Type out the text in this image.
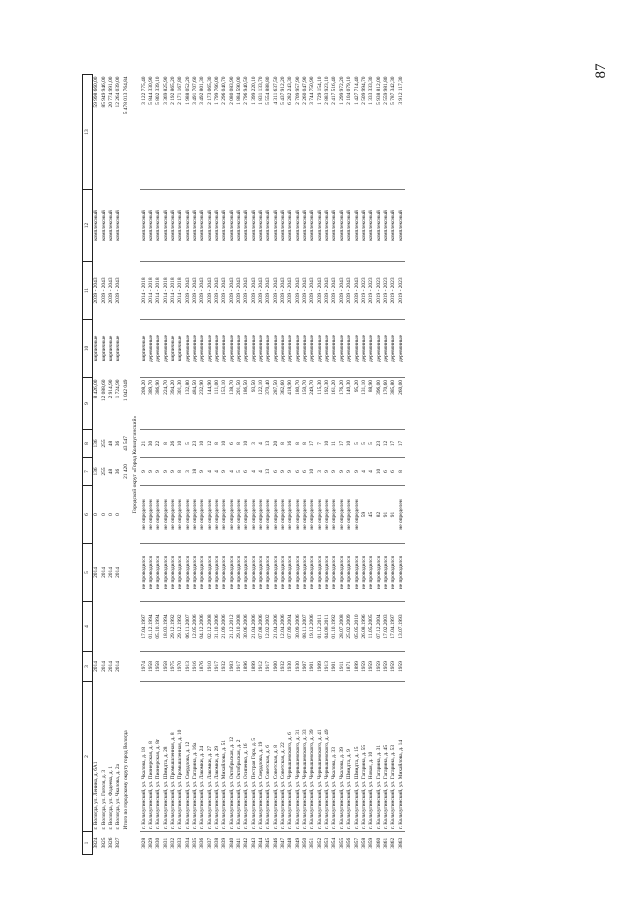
87
1	2	3	4	5	6	7	8	9	10	11	12	13
3824	г. Вологда, ул. Ленина, д. 6А1	2014		2014	0	136	136	8 426,00	кирпичные	2039 - 2043	комплексный	59 998 660,00
3825	г. Вологда, ул. Гоголя, д. 3	2014		2014	0	255	255	12 088,60	кирпичные	2039 - 2043	комплексный	85 949 946,00
3826	г. Вологда, ул. Фадеева, д. 1	2014		2014	0	48	48	2 914,90	кирпичные	2039 - 2043	комплексный	20 774 991,00
3827	г. Вологда, ул. Чкалова, д. 2а	2014		2014	0	36	36	1 724,90	кирпичные	2039 - 2043	комплексный	12 264 039,00
	Итого по городскому округу город Вологда					21 420	43 547	1 042 049				5 478 013 764,84
Городской округ «Город Кольчугинский»												
3828	г. Кольчугинский, ул. Чкалова, д. 18	1974	17.04.1997	не проводился	не определен	9	21	208,20	кирпичные	2014 - 2018	комплексный	3 122 775,40
3829	г. Кольчугинский, ул. Пионерская, д. 8	1958	01.12.1994	не проводился	не определен	9	30	389,70	деревянные	2014 - 2018	комплексный	5 844 330,90
3830	г. Кольчугинский, ул. Пионерская, д. 8г	1958	05.10.1994	не проводился	не определен	9	22	386,90	деревянные	2014 - 2018	комплексный	5 802 339,10
3831	г. Кольчугинский, ул. Шмидта, д. 28	1958	18.03.1994	не проводился	не определен	9	8	224,70	деревянные	2014 - 2018	комплексный	3 369 825,90
3832	г. Кольчугинский, ул. Промышленная, д. 8	1975	29.12.1992	не проводился	не определен	9	26	394,20	кирпичные	2014 - 2018	комплексный	2 192 865,20
3833	г. Кольчугинский, ул. Промышленная, д. 10	1970	29.12.1992	не проводился	не определен	8	10	301,30	кирпичные	2014 - 2018	комплексный	2 171 167,80
3834	г. Кольчугинский, ул. Свердлова, д. 12	1913	06.11.2007	не проводился	не определен	3	5	132,80	деревянные	2039 - 2043	комплексный	1 988 052,20
3835	г. Кольчугинский, ул. Гагарина, д. 16а	1916	12.05.2006	не проводился	не определен	18	23	484,50	деревянные	2039 - 2043	комплексный	3 491 707,60
3836	г. Кольчугинский, ул. Лакомки, д. 24	1876	04.12.2006	не проводился	не определен	9	10	232,90	деревянные	2039 - 2043	комплексный	3 492 801,30
3837	г. Кольчугинский, ул. Лакомки, д. 27	1910	02.12.2008	не проводился	не определен	4	12	144,90	деревянные	2039 - 2043	комплексный	2 173 065,30
3838	г. Кольчугинский, ул. Лакомки, д. 29	1917	31.10.2006	не проводился	не определен	4	8	111,00	деревянные	2039 - 2043	комплексный	1 799 766,00
3839	г. Кольчугинский, ул. Михайлова, д. 51	1932	21.09.2006	не проводился	не определен	9	10	153,10	деревянные	2039 - 2043	комплексный	2 296 040,70
3840	г. Кольчугинский, ул. Октябрьская, д. 12	1903	21.12.2012	не проводился	не определен	4	6	138,70	деревянные	2039 - 2043	комплексный	2 080 083,90
3841	г. Кольчугинский, ул. Октябрьская, д. 2	1917	29.10.2008	не проводился	не определен	5	8	201,50	деревянные	2039 - 2043	комплексный	1 884 590,00
3842	г. Кольчугинский, ул. Осипенко, д. 16	1896	30.06.2006	не проводился	не определен	6	10	186,50	деревянные	2039 - 2043	комплексный	2 796 940,50
3843	г. Кольчугинский, ул. Пестрая Гора, д. 5	1899	21.04.2006	не проводился	не определен	4	3	93,50	деревянные	2039 - 2043	комплексный	1 399 220,10
3844	г. Кольчугинский, ул. Свердлова, д. 19	1912	07.08.2006	не проводился	не определен	4	4	122,10	деревянные	2039 - 2043	комплексный	1 831 133,70
3845	г. Кольчугинский, ул. Советская, д. 6	1917	12.02.2002	не проводился	не определен	13	13	370,40	деревянные	2039 - 2043	комплексный	5 554 888,80
3846	г. Кольчугинский, ул. Советская, д. 8	1900	21.04.2006	не проводился	не определен	6	20	287,50	деревянные	2039 - 2043	комплексный	4 311 637,50
3847	г. Кольчугинский, ул. Советская, д. 22	1932	12.04.2006	не проводился	не определен	9	8	362,60	деревянные	2039 - 2043	комплексный	5 437 912,20
3848	г. Кольчугинский, ул. Чернышевского, д. 6	1930	07.09.2004	не проводился	не определен	9	16	418,90	деревянные	2039 - 2043	комплексный	6 282 243,30
3849	г. Кольчугинский, ул. Чернышевского, д. 31	1930	30.09.2006	не проводился	не определен	6	8	180,70	деревянные	2039 - 2043	комплексный	2 709 957,90
3850	г. Кольчугинский, ул. Чернышевского, д. 33	1907	08.11.2007	не проводился	не определен	6	8	150,70	деревянные	2039 - 2043	комплексный	2 260 047,90
3851	г. Кольчугинский, ул. Чернышевского, д. 39	1901	19.12.2006	не проводился	не определен	10	17	249,70	деревянные	2039 - 2043	комплексный	3 744 750,90
3852	г. Кольчугинский, ул. Чернышевского, д. 41	1909	01.12.2011	не проводился	не определен	3	7	115,30	деревянные	2039 - 2043	комплексный	1 729 154,10
3853	г. Кольчугинский, ул. Чернышевского, д. 49	1913	04.08.2011	не проводился	не определен	9	10	192,30	деревянные	2039 - 2043	комплексный	2 883 923,10
3854	г. Кольчугинский, ул. Чкалова, д. 33	1901	01.10.1992	не проводился	не определен	9	11	161,20	деревянные	2039 - 2043	комплексный	2 417 516,40
3855	г. Кольчугинский, ул. Чкалова, д. 39	1911	28.07.2008	не проводился	не определен	9	17	176,20	деревянные	2039 - 2043	комплексный	1 299 972,20
3856	г. Кольчугинский, ул. Шмидта, д. 9	1871	25.02.2009	не проводился	не определен	9	10	140,30	деревянные	2039 - 2043	комплексный	2 104 079,10
3857	г. Кольчугинский, ул. Шмидта, д. 15	1899	05.05.2010	не проводился	не определен	9	5	95,20	деревянные	2039 - 2043	комплексный	1 427 714,40
3858	г. Кольчугинский, ул. Гагарина, д. 55	1959	26.08.1996	не проводился	59	4	5	131,10	деревянные	2019 - 2023	комплексный	2 509 994,70
3859	г. Кольчугинский, ул. Новая, д. 10	1959	11.05.2005	не проводился	45	4	5	88,90	деревянные	2019 - 2023	комплексный	1 333 333,30
3860	г. Кольчугинский, ул. Гагарина, д. 31	1959	07.12.2004	не проводился	82	10	23	396,00	деревянные	2019 - 2023	комплексный	5 938 812,00
3861	г. Кольчугинский, ул. Гагарина, д. 45	1959	17.02.2003	не проводился	91	6	12	170,60	деревянные	2019 - 2023	комплексный	2 559 981,80
3862	г. Кольчугинский, ул. Гагарина, д. 53	1959	17.04.1997	не проводился	91	6	17	385,80	деревянные	2019 - 2023	комплексный	5 787 342,30
3863	г. Кольчугинский, ул. Михайлова, д. 14	1959	13.07.1993	не проводился	не определен	8	17	260,00	деревянные	2019 - 2023	комплексный	3 912 117,30
